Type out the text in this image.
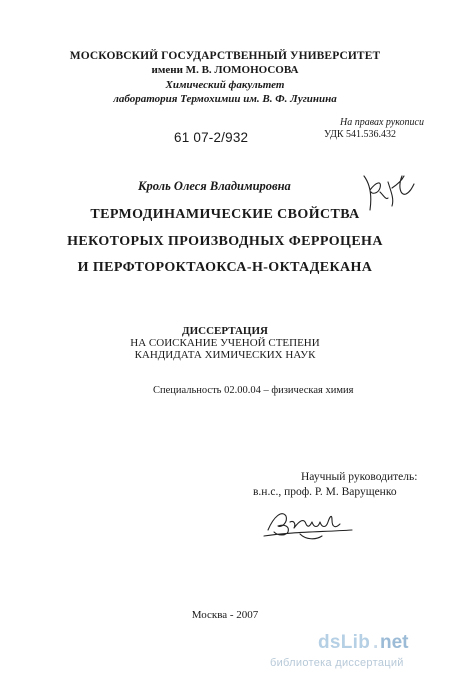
МОСКОВСКИЙ ГОСУДАРСТВЕННЫЙ УНИВЕРСИТЕТ
имени М. В. ЛОМОНОСОВА
Химический факультет
лаборатория Термохимии им. В. Ф. Лугинина
На правах рукописи
УДК 541.536.432
61 07-2/932
Кроль Олеся Владимировна
ТЕРМОДИНАМИЧЕСКИЕ СВОЙСТВА
НЕКОТОРЫХ ПРОИЗВОДНЫХ ФЕРРОЦЕНА
И ПЕРФТОРОКТАОКСА-Н-ОКТАДЕКАНА
ДИССЕРТАЦИЯ
НА СОИСКАНИЕ УЧЕНОЙ СТЕПЕНИ
КАНДИДАТА ХИМИЧЕСКИХ НАУК
Специальность 02.00.04 – физическая химия
Научный руководитель:
в.н.с., проф. Р. М. Варущенко
Москва - 2007
dsLib . net
библиотека диссертаций
